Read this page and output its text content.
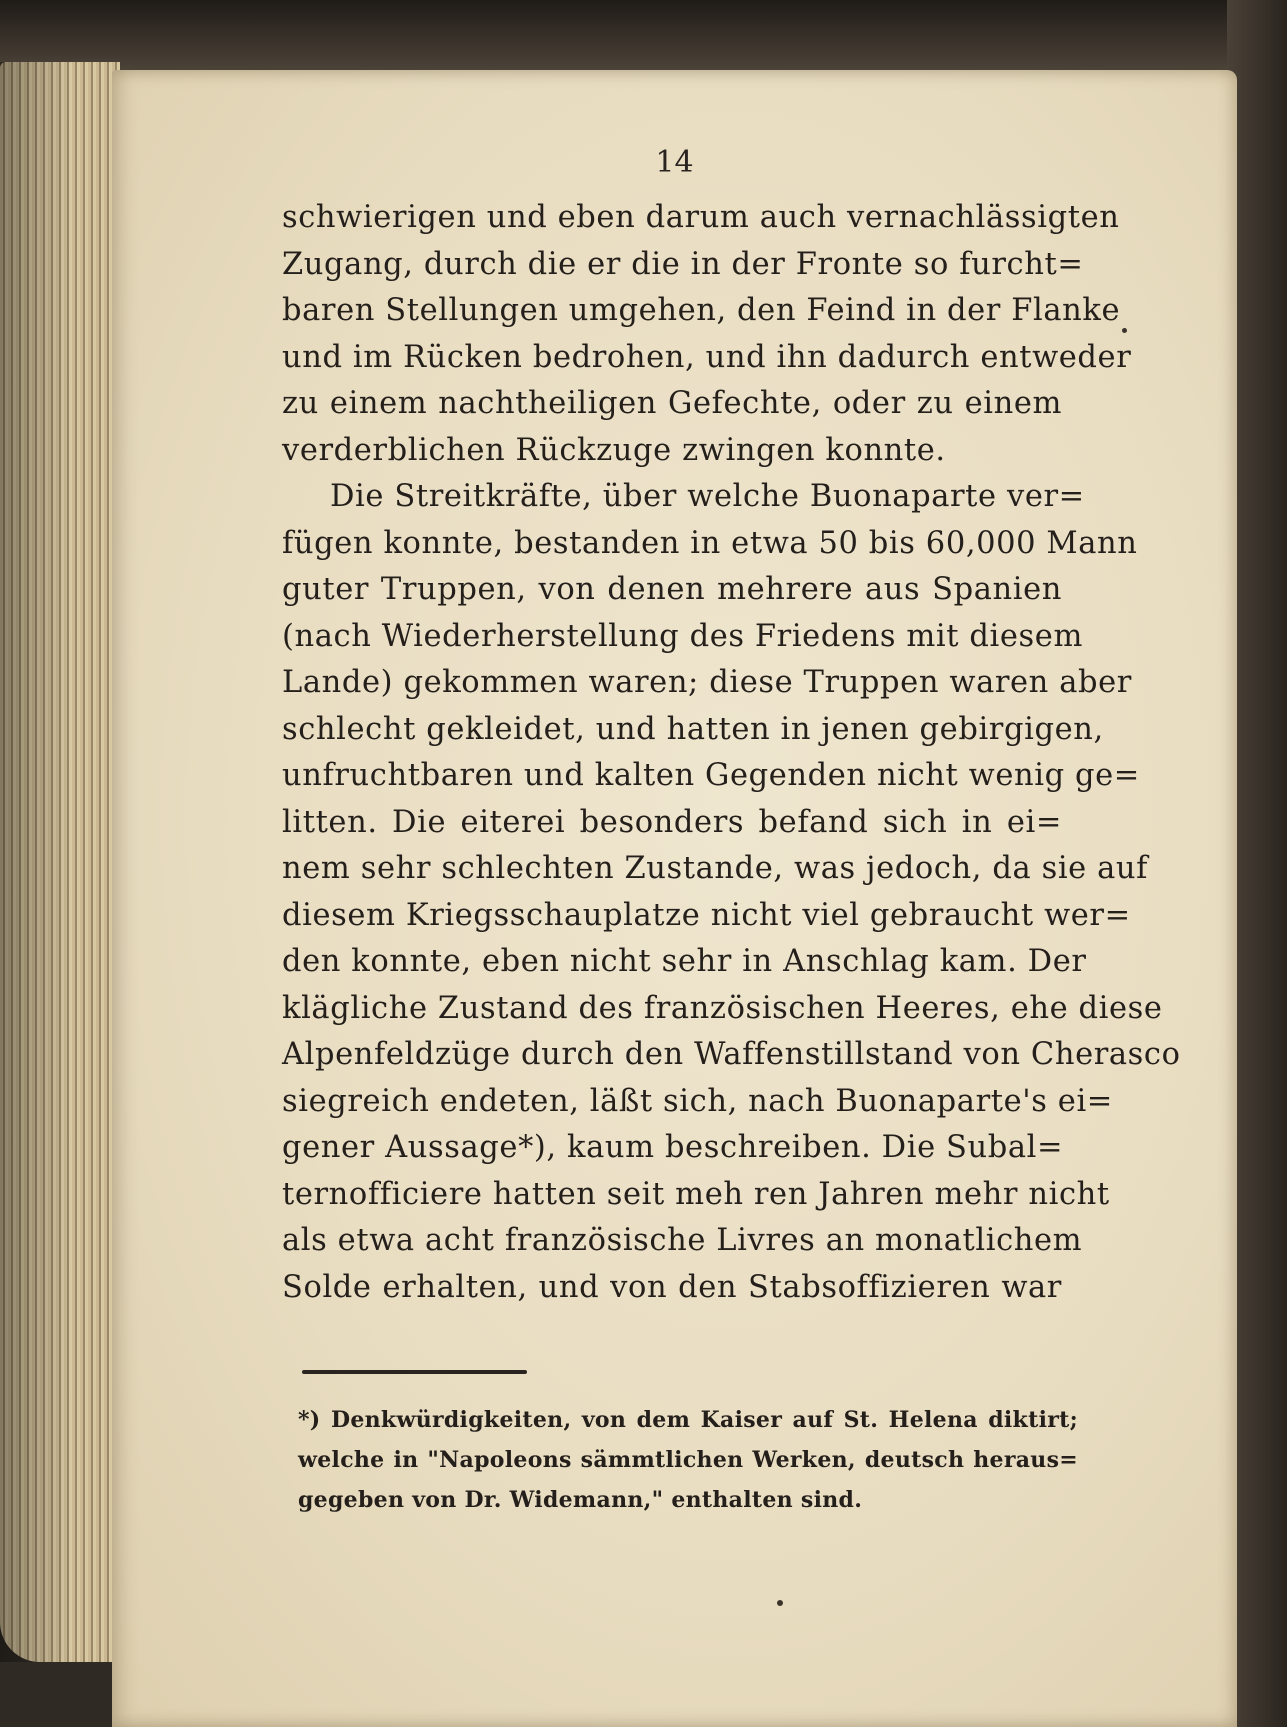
14
schwierigen und eben darum auch vernachlässigten
Zugang, durch die er die in der Fronte so furcht=
baren Stellungen umgehen, den Feind in der Flanke
und im Rücken bedrohen, und ihn dadurch entweder
zu einem nachtheiligen Gefechte, oder zu einem
verderblichen Rückzuge zwingen konnte.
Die Streitkräfte, über welche Buonaparte ver=
fügen konnte, bestanden in etwa 50 bis 60,000 Mann
guter Truppen, von denen mehrere aus Spanien
(nach Wiederherstellung des Friedens mit diesem
Lande) gekommen waren; diese Truppen waren aber
schlecht gekleidet, und hatten in jenen gebirgigen,
unfruchtbaren und kalten Gegenden nicht wenig ge=
litten. Die eiterei besonders befand sich in ei=
nem sehr schlechten Zustande, was jedoch, da sie auf
diesem Kriegsschauplatze nicht viel gebraucht wer=
den konnte, eben nicht sehr in Anschlag kam. Der
klägliche Zustand des französischen Heeres, ehe diese
Alpenfeldzüge durch den Waffenstillstand von Cherasco
siegreich endeten, läßt sich, nach Buonaparte's ei=
gener Aussage*), kaum beschreiben. Die Subal=
ternofficiere hatten seit meh ren Jahren mehr nicht
als etwa acht französische Livres an monatlichem
Solde erhalten, und von den Stabsoffizieren war
*) Denkwürdigkeiten, von dem Kaiser auf St. Helena diktirt;
welche in "Napoleons sämmtlichen Werken, deutsch heraus=
gegeben von Dr. Widemann," enthalten sind.
